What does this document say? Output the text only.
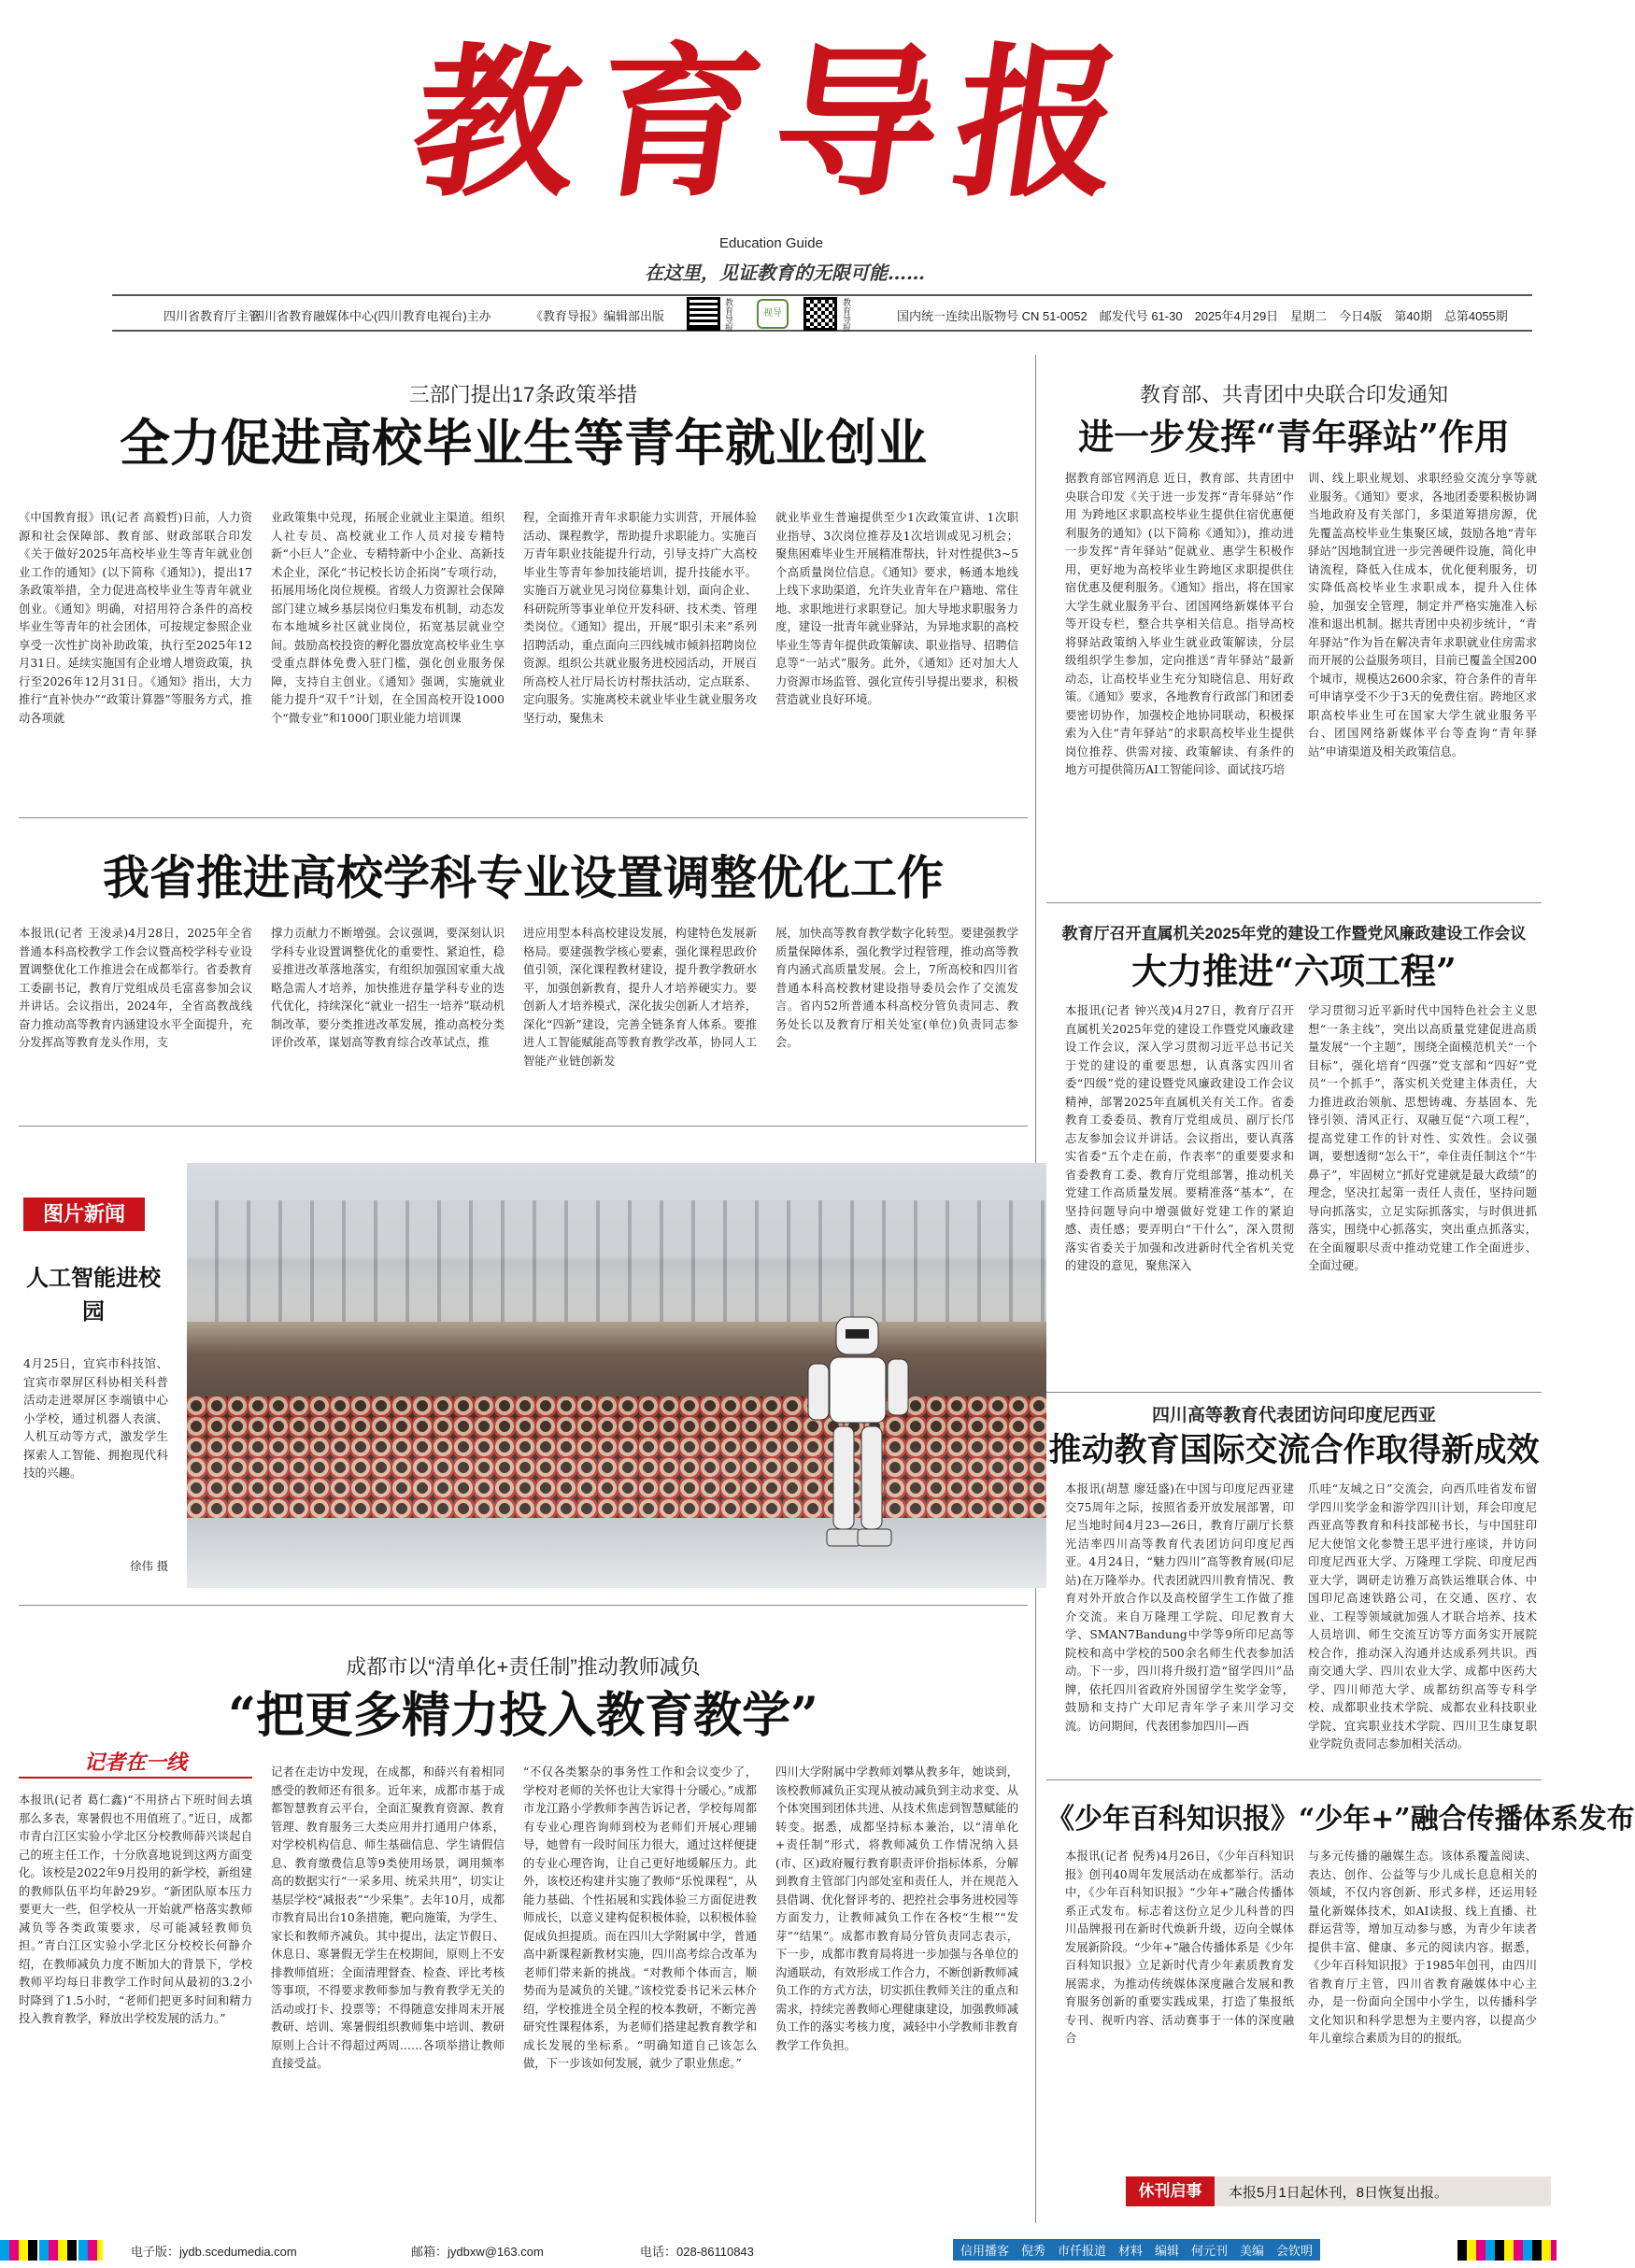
教育导报
Education Guide
在这里，见证教育的无限可能……
四川省教育厅主管
四川省教育融媒体中心(四川教育电视台)主办	《教育导报》编辑部出版
教育导报
视导
教育导报
国内统一连续出版物号 CN 51-0052　邮发代号 61-30　2025年4月29日　星期二　今日4版　第40期　总第4055期
三部门提出17条政策举措
全力促进高校毕业生等青年就业创业
《中国教育报》讯(记者 高毅哲)日前，人力资源和社会保障部、教育部、财政部联合印发《关于做好2025年高校毕业生等青年就业创业工作的通知》(以下简称《通知》)，提出17条政策举措，全力促进高校毕业生等青年就业创业。《通知》明确，对招用符合条件的高校毕业生等青年的社会团体，可按规定参照企业享受一次性扩岗补助政策，执行至2025年12月31日。延续实施国有企业增人增资政策，执行至2026年12月31日。《通知》指出，大力推行“直补快办”“政策计算器”等服务方式，推动各项就
业政策集中兑现，拓展企业就业主渠道。组织人社专员、高校就业工作人员对接专精特新“小巨人”企业、专精特新中小企业、高新技术企业，深化“书记校长访企拓岗”专项行动，拓展用场化岗位规模。省级人力资源社会保障部门建立城乡基层岗位归集发布机制，动态发布本地城乡社区就业岗位，拓宽基层就业空间。鼓励高校投资的孵化器放宽高校毕业生享受重点群体免费入驻门槛，强化创业服务保障，支持自主创业。《通知》强调，实施就业能力提升“双千”计划，在全国高校开设1000个“微专业”和1000门职业能力培训课
程，全面推开青年求职能力实训营，开展体验活动、课程教学，帮助提升求职能力。实施百万青年职业技能提升行动，引导支持广大高校毕业生等青年参加技能培训，提升技能水平。实施百万就业见习岗位募集计划，面向企业、科研院所等事业单位开发科研、技术类、管理类岗位。《通知》提出，开展“职引未来”系列招聘活动，重点面向三四线城市倾斜招聘岗位资源。组织公共就业服务进校园活动，开展百所高校人社厅局长访村帮扶活动，定点联系、定向服务。实施离校未就业毕业生就业服务攻坚行动，聚焦未
就业毕业生普遍提供至少1次政策宣讲、1次职业指导、3次岗位推荐及1次培训或见习机会；聚焦困难毕业生开展精准帮扶，针对性提供3~5个高质量岗位信息。《通知》要求，畅通本地线上线下求助渠道，允许失业青年在户籍地、常住地、求职地进行求职登记。加大导地求职服务力度，建设一批青年就业驿站，为异地求职的高校毕业生等青年提供政策解读、职业指导、招聘信息等“一站式”服务。此外，《通知》还对加大人力资源市场监管、强化宣传引导提出要求，积极营造就业良好环境。
教育部、共青团中央联合印发通知
进一步发挥“青年驿站”作用
据教育部官网消息 近日，教育部、共青团中央联合印发《关于进一步发挥“青年驿站”作用 为跨地区求职高校毕业生提供住宿优惠便利服务的通知》(以下简称《通知》)，推动进一步发挥“青年驿站”促就业、惠学生积极作用，更好地为高校毕业生跨地区求职提供住宿优惠及便利服务。《通知》指出，将在国家大学生就业服务平台、团国网络新媒体平台等开设专栏，整合共享相关信息。指导高校将驿站政策纳入毕业生就业政策解读，分层级组织学生参加，定向推送“青年驿站”最新动态，让高校毕业生充分知晓信息、用好政策。《通知》要求，各地教育行政部门和团委要密切协作，加强校企地协同联动，积极探索为入住“青年驿站”的求职高校毕业生提供岗位推荐、供需对接、政策解读、有条件的地方可提供简历AI工智能问诊、面试技巧培
训、线上职业规划、求职经验交流分享等就业服务。《通知》要求，各地团委要积极协调当地政府及有关部门，多渠道筹措房源，优先覆盖高校毕业生集聚区域，鼓励各地“青年驿站”因地制宜进一步完善硬件设施，简化申请流程，降低入住成本，优化便利服务，切实降低高校毕业生求职成本，提升入住体验，加强安全管理，制定并严格实施准入标准和退出机制。据共青团中央初步统计，“青年驿站”作为旨在解决青年求职就业住房需求而开展的公益服务项目，目前已覆盖全国200个城市，规模达2600余家，符合条件的青年可申请享受不少于3天的免费住宿。跨地区求职高校毕业生可在国家大学生就业服务平台、团国网络新媒体平台等查询“青年驿站”申请渠道及相关政策信息。
我省推进高校学科专业设置调整优化工作
本报讯(记者 王浚录)4月28日，2025年全省普通本科高校教学工作会议暨高校学科专业设置调整优化工作推进会在成都举行。省委教育工委副书记，教育厅党组成员毛富喜参加会议并讲话。会议指出，2024年，全省高教战线奋力推动高等教育内涵建设水平全面提升，充分发挥高等教育龙头作用，支
撑力贡献力不断增强。会议强调，要深刻认识学科专业设置调整优化的重要性、紧迫性，稳妥推进改革落地落实，有组织加强国家重大战略急需人才培养，加快推进存量学科专业的迭代优化，持续深化“就业一招生一培养”联动机制改革，要分类推进改革发展，推动高校分类评价改革，谋划高等教育综合改革试点，推
进应用型本科高校建设发展，构建特色发展新格局。要建强教学核心要素，强化课程思政价值引领，深化课程教材建设，提升教学教研水平，加强创新教育，提升人才培养硬实力。要创新人才培养模式，深化拔尖创新人才培养，深化“四新”建设，完善全链条育人体系。要推进人工智能赋能高等教育教学改革，协同人工智能产业链创新发
展，加快高等教育教学数字化转型。要建强教学质量保障体系，强化教学过程管理，推动高等教育内涵式高质量发展。会上，7所高校和四川省普通本科高校教材建设指导委员会作了交流发言。省内52所普通本科高校分管负责同志、教务处长以及教育厅相关处室(单位)负责同志参会。
图片新闻
人工智能进校园
4月25日，宜宾市科技馆、宜宾市翠屏区科协相关科普活动走进翠屏区李端镇中心小学校，通过机器人表演、人机互动等方式，激发学生探索人工智能、拥抱现代科技的兴趣。
徐伟 摄
教育厅召开直属机关2025年党的建设工作暨党风廉政建设工作会议
大力推进“六项工程”
本报讯(记者 钟兴茂)4月27日，教育厅召开直属机关2025年党的建设工作暨党风廉政建设工作会议，深入学习贯彻习近平总书记关于党的建设的重要思想，认真落实四川省委“四级”党的建设暨党风廉政建设工作会议精神，部署2025年直属机关有关工作。省委教育工委委员、教育厅党组成员、副厅长邝志友参加会议并讲话。会议指出，要认真落实省委“五个走在前，作表率”的重要要求和省委教育工委、教育厅党组部署，推动机关党建工作高质量发展。要精准落“基本”，在坚持问题导向中增强做好党建工作的紧迫感、责任感；要弄明白“干什么”，深入贯彻落实省委关于加强和改进新时代全省机关党的建设的意见，聚焦深入
学习贯彻习近平新时代中国特色社会主义思想“一条主线”，突出以高质量党建促进高质量发展“一个主题”，围绕全面模范机关“一个目标”，强化培育“四强”党支部和“四好”党员“一个抓手”，落实机关党建主体责任，大力推进政治领航、思想铸魂、夯基固本、先锋引领、清风正行、双融互促“六项工程”，提高党建工作的针对性、实效性。会议强调，要想透彻“怎么干”，牵住责任制这个“牛鼻子”，牢固树立“抓好党建就是最大政绩”的理念，坚决扛起第一责任人责任，坚持问题导向抓落实，立足实际抓落实，与时俱进抓落实，围绕中心抓落实，突出重点抓落实，在全面履职尽责中推动党建工作全面进步、全面过硬。
四川高等教育代表团访问印度尼西亚
推动教育国际交流合作取得新成效
本报讯(胡慧 廖廷盛)在中国与印度尼西亚建交75周年之际，按照省委开放发展部署，印尼当地时间4月23—26日，教育厅副厅长蔡光洁率四川高等教育代表团访问印度尼西亚。4月24日，“魅力四川”高等教育展(印尼站)在万隆举办。代表团就四川教育情况、教育对外开放合作以及高校留学生工作做了推介交流。来自万隆理工学院、印尼教育大学、SMAN7Bandung中学等9所印尼高等院校和高中学校的500余名师生代表参加活动。下一步，四川将升级打造“留学四川”品牌，依托四川省政府外国留学生奖学金等，鼓励和支持广大印尼青年学子来川学习交流。访问期间，代表团参加四川—西
爪哇“友城之日”交流会，向西爪哇省发布留学四川奖学金和游学四川计划，拜会印度尼西亚高等教育和科技部秘书长，与中国驻印尼大使馆文化参赞王思平进行座谈，并访问印度尼西亚大学、万隆理工学院、印度尼西亚大学，调研走访雅万高铁运维联合体、中国印尼高速铁路公司，在交通、医疗、农业、工程等领域就加强人才联合培养、技术人员培训、师生交流互访等方面务实开展院校合作，推动深入沟通并达成系列共识。西南交通大学、四川农业大学、成都中医药大学、四川师范大学、成都纺织高等专科学校、成都职业技术学院、成都农业科技职业学院、宜宾职业技术学院、四川卫生康复职业学院负责同志参加相关活动。
成都市以“清单化+责任制”推动教师减负
“把更多精力投入教育教学”
记者在一线
本报讯(记者 葛仁鑫)“不用挤占下班时间去填那么多表，寒暑假也不用值班了。”近日，成都市青白江区实验小学北区分校教师薛兴谈起自己的班主任工作，十分欣喜地说到这两方面变化。该校是2022年9月投用的新学校，新组建的教师队伍平均年龄29岁。“新团队原本压力要更大一些，但学校从一开始就严格落实教师减负等各类政策要求，尽可能减轻教师负担。”青白江区实验小学北区分校校长何静介绍，在教师减负力度不断加大的背景下，学校教师平均每日非教学工作时间从最初的3.2小时降到了1.5小时，“老师们把更多时间和精力投入教育教学，释放出学校发展的活力。”
记者在走访中发现，在成都，和薛兴有着相同感受的教师还有很多。近年来，成都市基于成都智慧教育云平台，全面汇聚教育资源、教育管理、教育服务三大类应用并打通用户体系，对学校机构信息、师生基础信息、学生请假信息、教育缴费信息等9类使用场景，调用频率高的数据实行“一采多用、统采共用”，切实让基层学校“减报表”“少采集”。去年10月，成都市教育局出台10条措施，靶向施策，为学生、家长和教师齐减负。其中提出，法定节假日、休息日、寒暑假无学生在校期间，原则上不安排教师值班；全面清理督查、检查、评比考核等事项，不得要求教师参加与教育教学无关的活动或打卡、投票等；不得随意安排周末开展教研、培训、寒暑假组织教师集中培训、教研原则上合计不得超过两周……各项举措让教师直接受益。
“不仅各类繁杂的事务性工作和会议变少了，学校对老师的关怀也让大家得十分暖心。”成都市龙江路小学教师李茜告诉记者，学校每周都有专业心理咨询师到校为老师们开展心理辅导，她曾有一段时间压力很大，通过这样便捷的专业心理咨询，让自己更好地缓解压力。此外，该校还构建并实施了教师“乐悦课程”，从能力基础、个性拓展和实践体验三方面促进教师成长，以意义建构促积极体验，以积极体验促成负担提质。而在四川大学附属中学，普通高中新课程新教材实施，四川高考综合改革为老师们带来新的挑战。“对教师个体而言，顺势而为是减负的关键。”该校党委书记米云林介绍，学校推进全员全程的校本教研，不断完善研究性课程体系，为老师们搭建起教育教学和成长发展的坐标系。“明确知道自己该怎么做，下一步该如何发展，就少了职业焦虑。”
四川大学附属中学教师刘攀从教多年，她谈到，该校教师减负正实现从被动减负到主动求变、从个体突围到团体共进、从技术焦虑到智慧赋能的转变。据悉，成都坚持标本兼治，以“清单化+责任制”形式，将教师减负工作情况纳入县(市、区)政府履行教育职责评价指标体系，分解到教育主管部门内部处室和责任人，并在规范入县借调、优化督评考的、把控社会事务进校园等方面发力，让教师减负工作在各校“生根”“发芽”“结果”。成都市教育局分管负责同志表示，下一步，成都市教育局将进一步加强与各单位的沟通联动，有效形成工作合力，不断创新教师减负工作的方式方法，切实抓住教师关注的重点和需求，持续完善教师心理健康建设，加强教师减负工作的落实考核力度，减轻中小学教师非教育教学工作负担。
《少年百科知识报》“少年+”融合传播体系发布
本报讯(记者 倪秀)4月26日，《少年百科知识报》创刊40周年发展活动在成都举行。活动中，《少年百科知识报》“少年+”融合传播体系正式发布。标志着这份立足少儿科普的四川品牌报刊在新时代焕新升级，迈向全媒体发展新阶段。“少年+”融合传播体系是《少年百科知识报》立足新时代青少年素质教育发展需求，为推动传统媒体深度融合发展和教育服务创新的重要实践成果，打造了集报纸专刊、视听内容、活动赛事于一体的深度融合
与多元传播的融媒生态。该体系覆盖阅读、表达、创作、公益等与少儿成长息息相关的领域，不仅内容创新、形式多样，还运用轻量化新媒体技术，如AI读报、线上直播、社群运营等，增加互动参与感，为青少年读者提供丰富、健康、多元的阅读内容。据悉，《少年百科知识报》于1985年创刊，由四川省教育厅主管，四川省教育融媒体中心主办，是一份面向全国中小学生，以传播科学文化知识和科学思想为主要内容，以提高少年儿童综合素质为目的的报纸。
休刊启事	本报5月1日起休刊，8日恢复出报。
电子版：jydb.scedumedia.com	邮箱：jydbxw@163.com	电话：028-86110843	信用播客　倪秀　市仟报道　材料　编辑　何元刊　美编　会钦明
